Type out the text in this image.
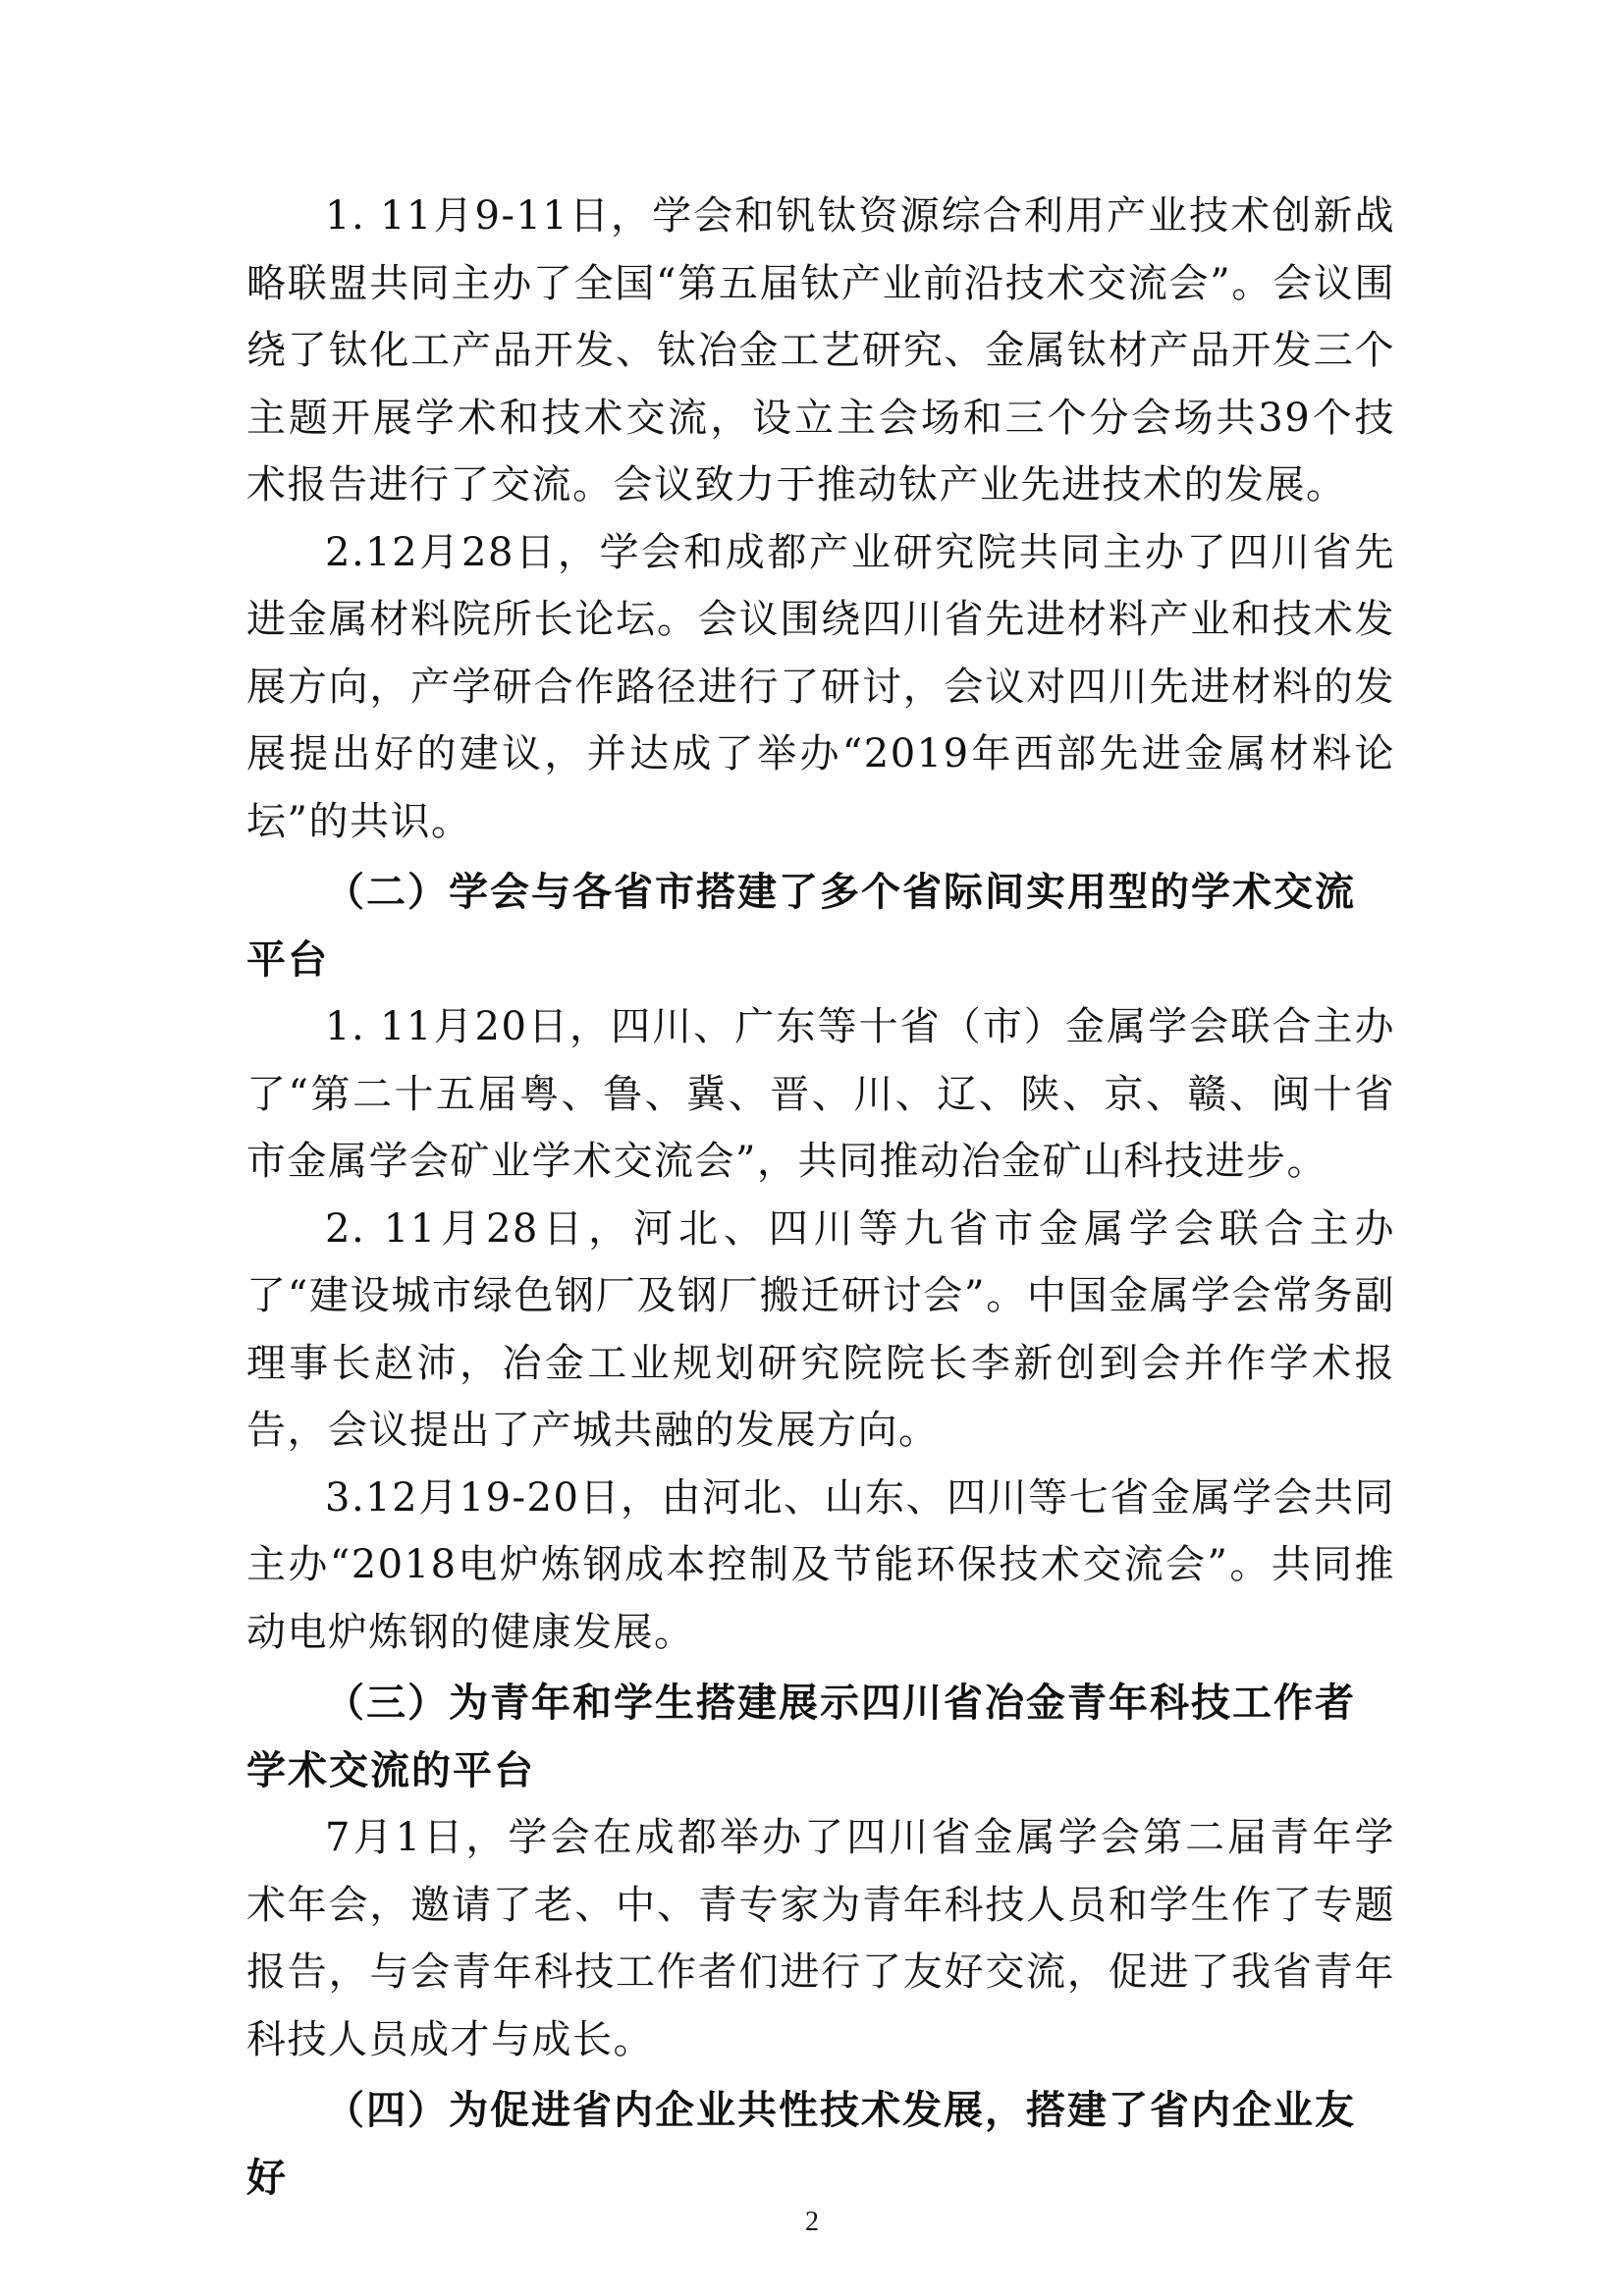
1. 11月9-11日，学会和钒钛资源综合利用产业技术创新战略联盟共同主办了全国“第五届钛产业前沿技术交流会”。会议围绕了钛化工产品开发、钛冶金工艺研究、金属钛材产品开发三个主题开展学术和技术交流，设立主会场和三个分会场共39个技术报告进行了交流。会议致力于推动钛产业先进技术的发展。

2.12月28日，学会和成都产业研究院共同主办了四川省先进金属材料院所长论坛。会议围绕四川省先进材料产业和技术发展方向，产学研合作路径进行了研讨，会议对四川先进材料的发展提出好的建议，并达成了举办“2019年西部先进金属材料论坛”的共识。

（二）学会与各省市搭建了多个省际间实用型的学术交流平台

1. 11月20日，四川、广东等十省（市）金属学会联合主办了“第二十五届粤、鲁、冀、晋、川、辽、陕、京、赣、闽十省市金属学会矿业学术交流会”，共同推动冶金矿山科技进步。

2. 11月28日，河北、四川等九省市金属学会联合主办了“建设城市绿色钢厂及钢厂搬迁研讨会”。中国金属学会常务副理事长赵沛，冶金工业规划研究院院长李新创到会并作学术报告，会议提出了产城共融的发展方向。

3.12月19-20日，由河北、山东、四川等七省金属学会共同主办“2018电炉炼钢成本控制及节能环保技术交流会”。共同推动电炉炼钢的健康发展。

（三）为青年和学生搭建展示四川省冶金青年科技工作者学术交流的平台

7月1日，学会在成都举办了四川省金属学会第二届青年学术年会，邀请了老、中、青专家为青年科技人员和学生作了专题报告，与会青年科技工作者们进行了友好交流，促进了我省青年科技人员成才与成长。

（四）为促进省内企业共性技术发展，搭建了省内企业友好

2
